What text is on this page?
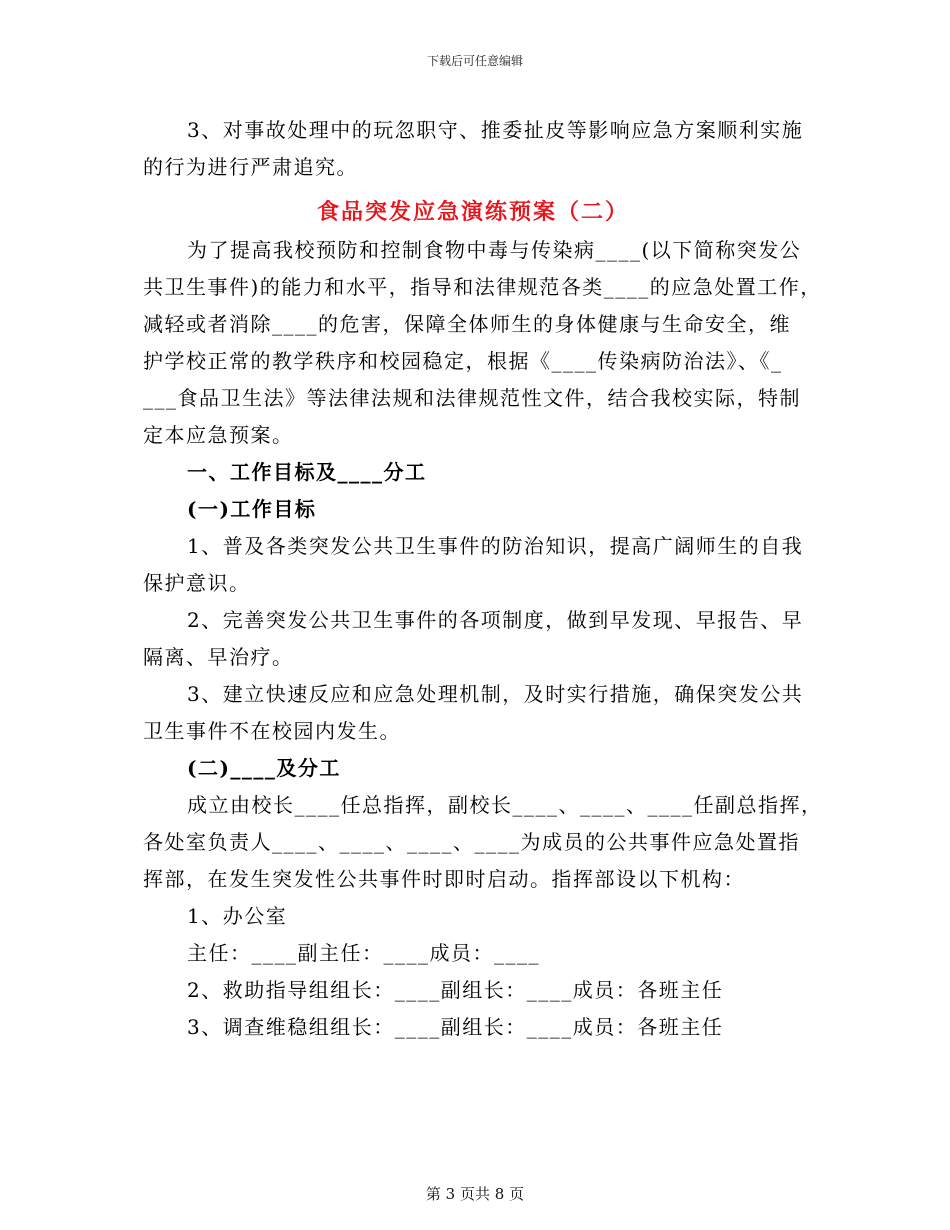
下载后可任意编辑
3、对事故处理中的玩忽职守、推委扯皮等影响应急方案顺利实施
的行为进行严肃追究。
食品突发应急演练预案（二）
为了提高我校预防和控制食物中毒与传染病____(以下简称突发公
共卫生事件)的能力和水平，指导和法律规范各类____的应急处置工作，
减轻或者消除____的危害，保障全体师生的身体健康与生命安全，维
护学校正常的教学秩序和校园稳定，根据《____传染病防治法》、《_
___食品卫生法》等法律法规和法律规范性文件，结合我校实际，特制
定本应急预案。
一、工作目标及____分工
(一)工作目标
1、普及各类突发公共卫生事件的防治知识，提高广阔师生的自我
保护意识。
2、完善突发公共卫生事件的各项制度，做到早发现、早报告、早
隔离、早治疗。
3、建立快速反应和应急处理机制，及时实行措施，确保突发公共
卫生事件不在校园内发生。
(二)____及分工
成立由校长____任总指挥，副校长____、____、____任副总指挥，
各处室负责人____、____、____、____为成员的公共事件应急处置指
挥部，在发生突发性公共事件时即时启动。指挥部设以下机构：
1、办公室
主任：____副主任：____成员：____
2、救助指导组组长：____副组长：____成员：各班主任
3、调查维稳组组长：____副组长：____成员：各班主任
第 3 页共 8 页
